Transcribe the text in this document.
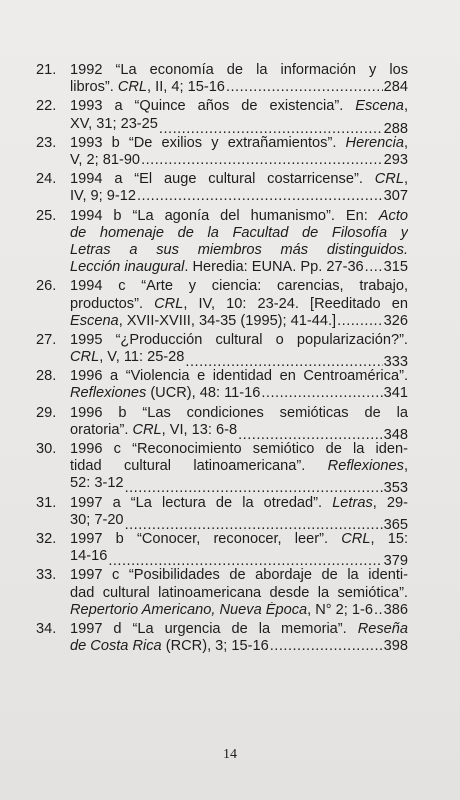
21. 1992 “La economía de la información y los
libros”. CRL, II, 4; 15-16 .....	284
22. 1993 a “Quince años de existencia”. Escena,
XV, 31; 23-25 .....	288
23. 1993 b “De exilios y extrañamientos”. Herencia,
V, 2; 81-90 .....	293
24. 1994 a “El auge cultural costarricense”. CRL,
IV, 9; 9-12 .....	307
25. 1994 b “La agonía del humanismo”. En: Acto
de homenaje de la Facultad de Filosofía y
Letras a sus miembros más distinguidos.
Lección inaugural. Heredia: EUNA. Pp. 27-36 ..... 315
26. 1994 c “Arte y ciencia: carencias, trabajo,
productos”. CRL, IV, 10: 23-24. [Reeditado en
Escena, XVII-XVIII, 34-35 (1995); 41-44.] .....	326
27. 1995 “¿Producción cultural o popularización?”.
CRL, V, 11: 25-28 .....	333
28. 1996 a “Violencia e identidad en Centroamérica”.
Reflexiones (UCR), 48: 11-16 .....	341
29. 1996 b “Las condiciones semióticas de la
oratoria”. CRL, VI, 13: 6-8 .....	348
30. 1996 c “Reconocimiento semiótico de la iden-
tidad cultural latinoamericana”. Reflexiones,
52: 3-12 .....	353
31. 1997 a “La lectura de la otredad”. Letras, 29-
30; 7-20 .....	365
32. 1997 b “Conocer, reconocer, leer”. CRL, 15:
14-16 .....	379
33. 1997 c “Posibilidades de abordaje de la identi-
dad cultural latinoamericana desde la semiótica”.
Repertorio Americano, Nueva Época, N° 2; 1-6 ..... 386
34. 1997 d “La urgencia de la memoria”. Reseña
de Costa Rica (RCR), 3; 15-16 .....	398
14
